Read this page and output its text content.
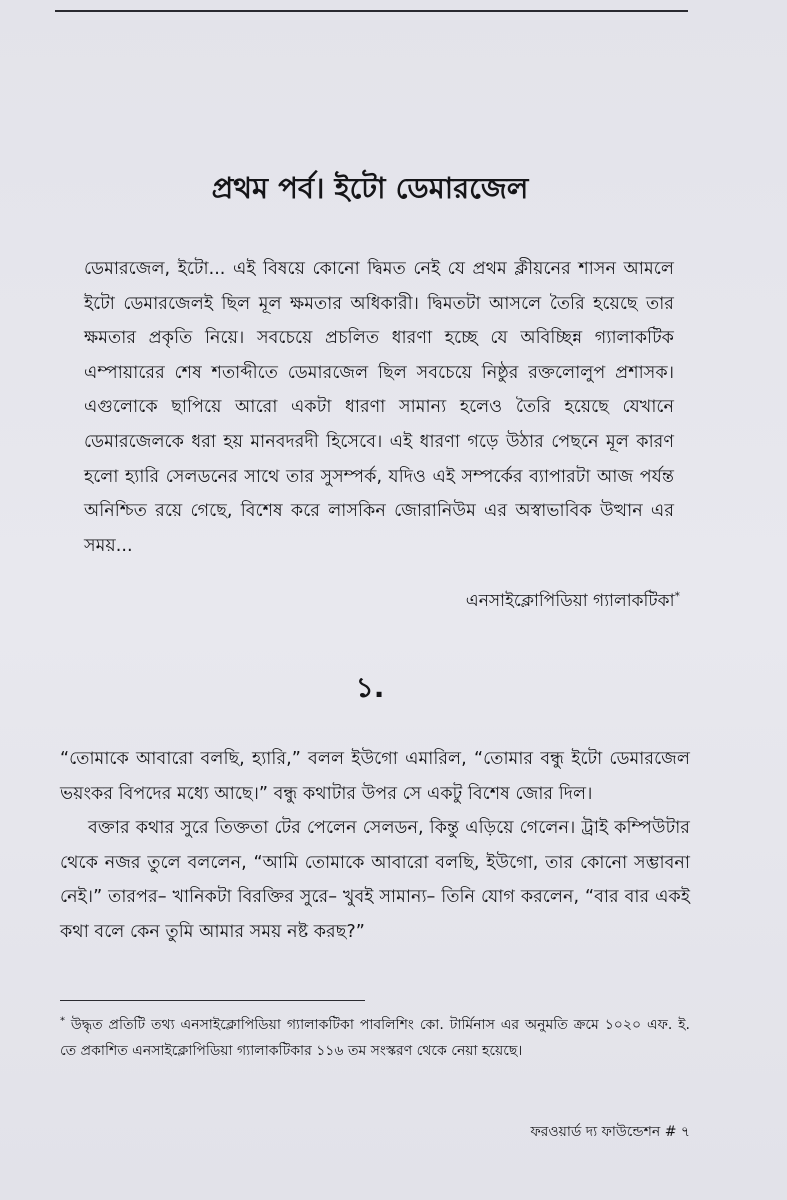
প্রথম পর্ব। ইটো ডেমারজেল

ডেমারজেল, ইটো... এই বিষয়ে কোনো দ্বিমত নেই যে প্রথম ক্লীয়নের শাসন আমলে ইটো ডেমারজেলই ছিল মূল ক্ষমতার অধিকারী। দ্বিমতটা আসলে তৈরি হয়েছে তার ক্ষমতার প্রকৃতি নিয়ে। সবচেয়ে প্রচলিত ধারণা হচ্ছে যে অবিচ্ছিন্ন গ্যালাকটিক এম্পায়ারের শেষ শতাব্দীতে ডেমারজেল ছিল সবচেয়ে নিষ্ঠুর রক্তলোলুপ প্রশাসক। এগুলোকে ছাপিয়ে আরো একটা ধারণা সামান্য হলেও তৈরি হয়েছে যেখানে ডেমারজেলকে ধরা হয় মানবদরদী হিসেবে। এই ধারণা গড়ে উঠার পেছনে মূল কারণ হলো হ্যারি সেলডনের সাথে তার সুসম্পর্ক, যদিও এই সম্পর্কের ব্যাপারটা আজ পর্যন্ত অনিশ্চিত রয়ে গেছে, বিশেষ করে লাসকিন জোরানিউম এর অস্বাভাবিক উত্থান এর সময়...

এনসাইক্লোপিডিয়া গ্যালাকটিকা*

১.

“তোমাকে আবারো বলছি, হ্যারি,” বলল ইউগো এমারিল, “তোমার বন্ধু ইটো ডেমারজেল ভয়ংকর বিপদের মধ্যে আছে।” বন্ধু কথাটার উপর সে একটু বিশেষ জোর দিল।

বক্তার কথার সুরে তিক্ততা টের পেলেন সেলডন, কিন্তু এড়িয়ে গেলেন। ট্রাই কম্পিউটার থেকে নজর তুলে বললেন, “আমি তোমাকে আবারো বলছি, ইউগো, তার কোনো সম্ভাবনা নেই।” তারপর– খানিকটা বিরক্তির সুরে– খুবই সামান্য– তিনি যোগ করলেন, “বার বার একই কথা বলে কেন তুমি আমার সময় নষ্ট করছ?”

* উদ্ধৃত প্রতিটি তথ্য এনসাইক্লোপিডিয়া গ্যালাকটিকা পাবলিশিং কো. টার্মিনাস এর অনুমতি ক্রমে ১০২০ এফ. ই. তে প্রকাশিত এনসাইক্লোপিডিয়া গ্যালাকটিকার ১১৬ তম সংস্করণ থেকে নেয়া হয়েছে।

ফরওয়ার্ড দ্য ফাউন্ডেশন # ৭
